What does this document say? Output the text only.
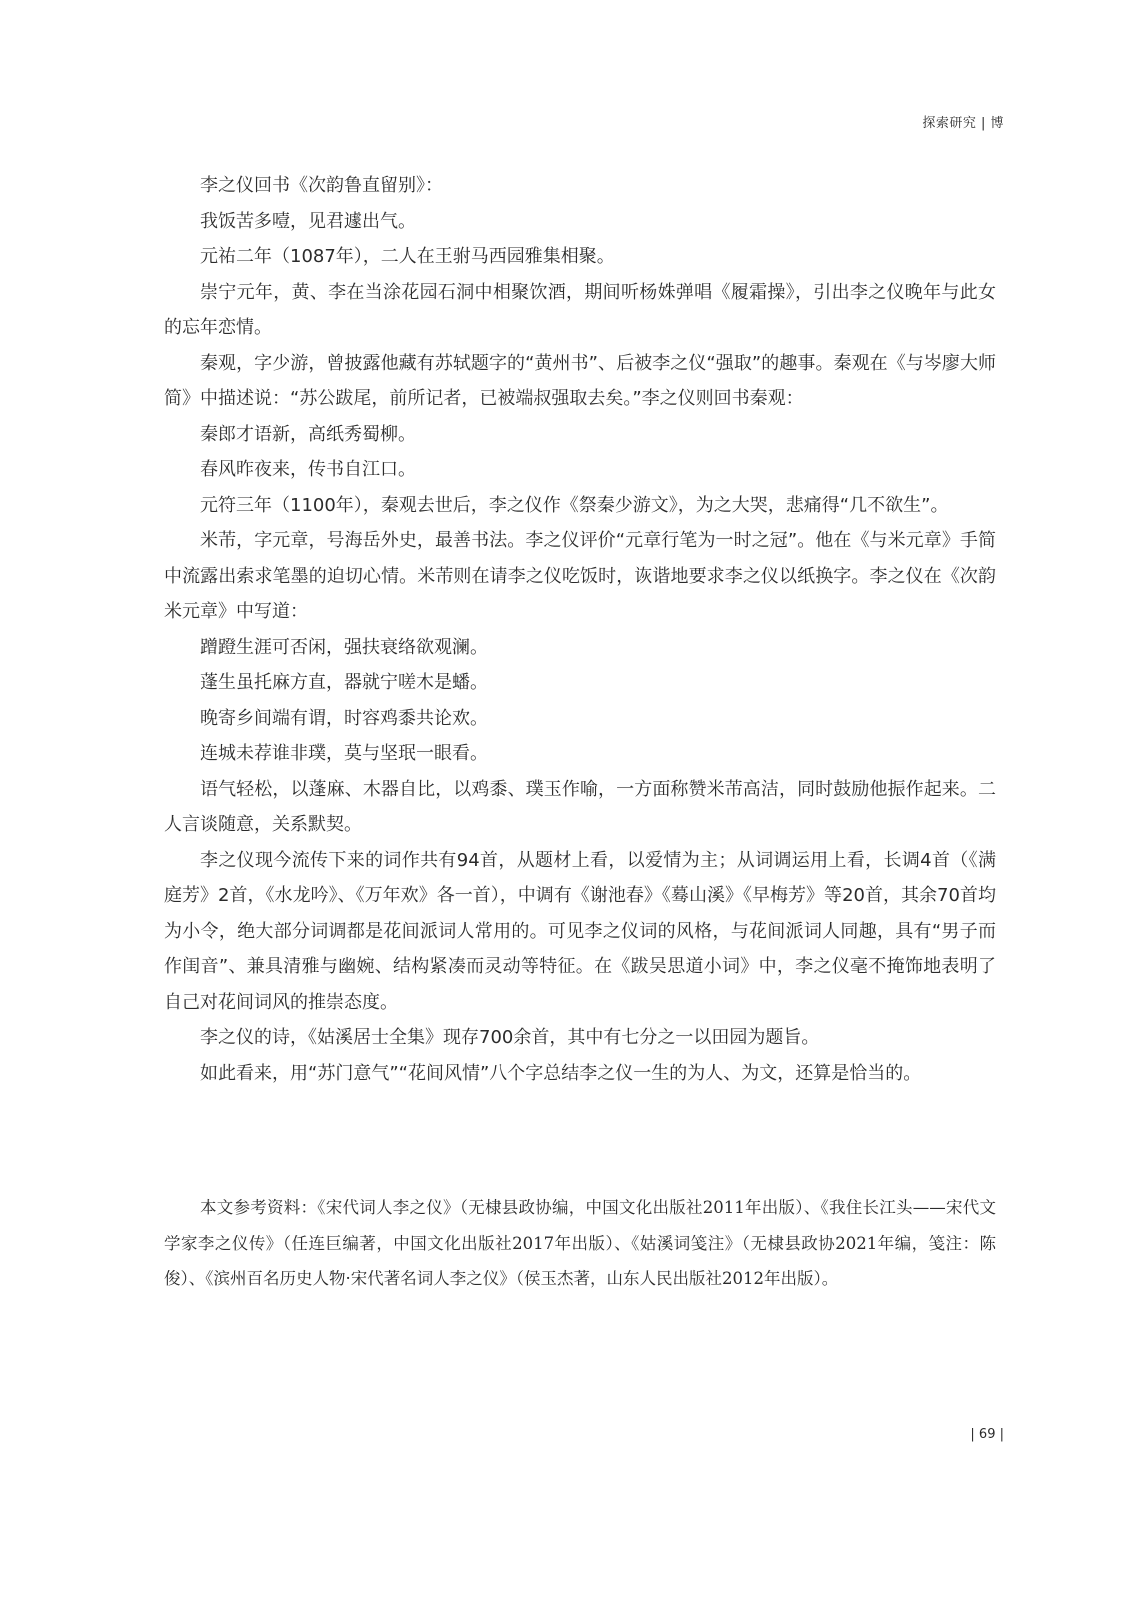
探索研究 | 博

李之仪回书《次韵鲁直留别》：

我饭苦多噎，见君遽出气。

元祐二年（1087年），二人在王驸马西园雅集相聚。

崇宁元年，黄、李在当涂花园石洞中相聚饮酒，期间听杨姝弹唱《履霜操》，引出李之仪晚年与此女的忘年恋情。

秦观，字少游，曾披露他藏有苏轼题字的“黄州书”、后被李之仪“强取”的趣事。秦观在《与岑廖大师简》中描述说：“苏公跋尾，前所记者，已被端叔强取去矣。”李之仪则回书秦观：

秦郎才语新，高纸秀蜀柳。

春风昨夜来，传书自江口。

元符三年（1100年），秦观去世后，李之仪作《祭秦少游文》，为之大哭，悲痛得“几不欲生”。

米芾，字元章，号海岳外史，最善书法。李之仪评价“元章行笔为一时之冠”。他在《与米元章》手简中流露出索求笔墨的迫切心情。米芾则在请李之仪吃饭时，诙谐地要求李之仪以纸换字。李之仪在《次韵米元章》中写道：

蹭蹬生涯可否闲，强扶衰络欲观澜。

蓬生虽托麻方直，器就宁嗟木是蟠。

晚寄乡间端有谓，时容鸡黍共论欢。

连城未荐谁非璞，莫与坚珉一眼看。

语气轻松，以蓬麻、木器自比，以鸡黍、璞玉作喻，一方面称赞米芾高洁，同时鼓励他振作起来。二人言谈随意，关系默契。

李之仪现今流传下来的词作共有94首，从题材上看，以爱情为主；从词调运用上看，长调4首（《满庭芳》2首，《水龙吟》、《万年欢》各一首），中调有《谢池春》《蓦山溪》《早梅芳》等20首，其余70首均为小令，绝大部分词调都是花间派词人常用的。可见李之仪词的风格，与花间派词人同趣，具有“男子而作闺音”、兼具清雅与幽婉、结构紧凑而灵动等特征。在《跋吴思道小词》中，李之仪毫不掩饰地表明了自己对花间词风的推崇态度。

李之仪的诗，《姑溪居士全集》现存700余首，其中有七分之一以田园为题旨。

如此看来，用“苏门意气”“花间风情”八个字总结李之仪一生的为人、为文，还算是恰当的。

本文参考资料：《宋代词人李之仪》（无棣县政协编，中国文化出版社2011年出版）、《我住长江头——宋代文学家李之仪传》（任连巨编著，中国文化出版社2017年出版）、《姑溪词笺注》（无棣县政协2021年编，笺注：陈俊）、《滨州百名历史人物·宋代著名词人李之仪》（侯玉杰著，山东人民出版社2012年出版）。

| 69 |
